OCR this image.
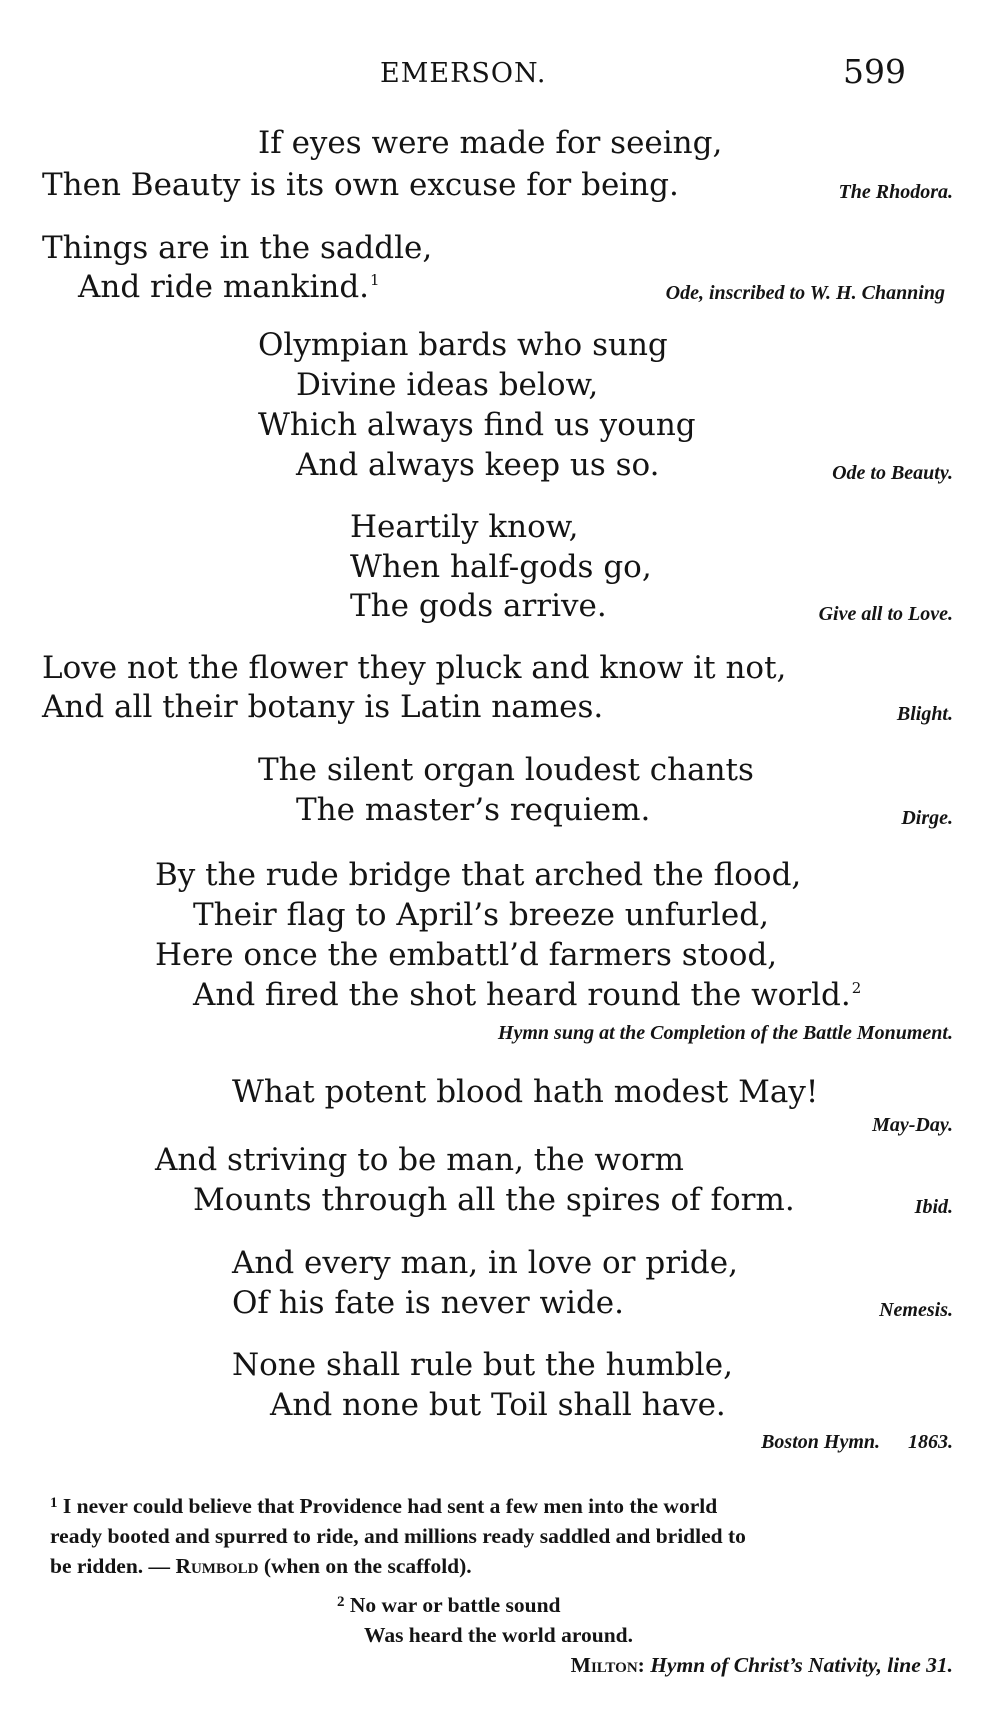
EMERSON.	599
If eyes were made for seeing,
Then Beauty is its own excuse for being.	The Rhodora.
Things are in the saddle,
And ride mankind.$^1$
Ode, inscribed to W. H. Channing
Olympian bards who sung
Divine ideas below,
Which always find us young
And always keep us so.	Ode to Beauty.
Heartily know,
When half-gods go,
The gods arrive.	Give all to Love.
Love not the flower they pluck and know it not,
And all their botany is Latin names.	Blight.
The silent organ loudest chants
The master’s requiem.	Dirge.
By the rude bridge that arched the flood,
Their flag to April’s breeze unfurled,
Here once the embattl’d farmers stood,
And fired the shot heard round the world.$^2$
Hymn sung at the Completion of the Battle Monument.
What potent blood hath modest May!
May-Day.
And striving to be man, the worm
Mounts through all the spires of form.	Ibid.
And every man, in love or pride,
Of his fate is never wide.	Nemesis.
None shall rule but the humble,
And none but Toil shall have.
Boston Hymn. 1863.
$^1$ I never could believe that Providence had sent a few men into the world
ready booted and spurred to ride, and millions ready saddled and bridled to
be ridden. — Rumbold (when on the scaffold).
$^2$ No war or battle sound
Was heard the world around.
Milton: Hymn of Christ’s Nativity, line 31.
